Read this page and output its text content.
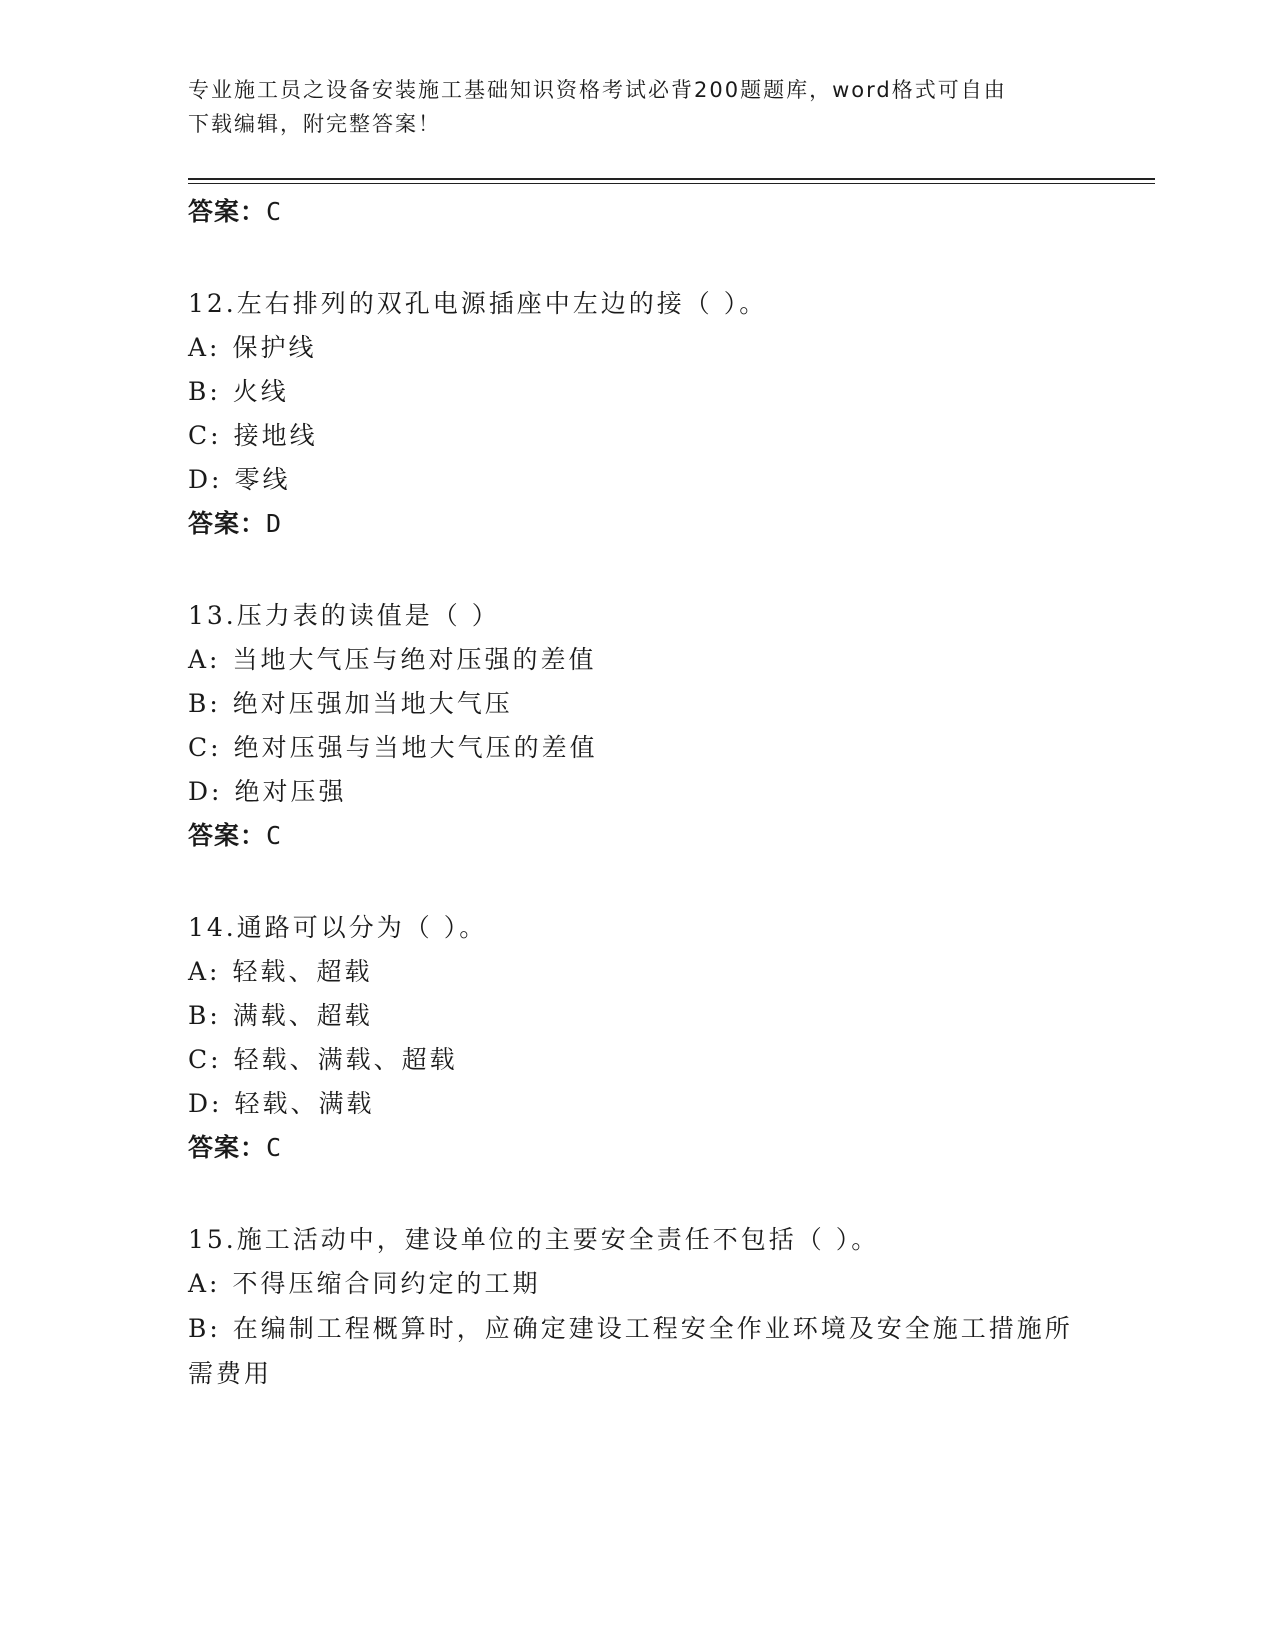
专业施工员之设备安装施工基础知识资格考试必背200题题库，word格式可自由
下载编辑，附完整答案！

答案：C

12.左右排列的双孔电源插座中左边的接（ ）。

A: 保护线

B: 火线

C: 接地线

D: 零线

答案：D

13.压力表的读值是（ ）

A: 当地大气压与绝对压强的差值

B: 绝对压强加当地大气压

C: 绝对压强与当地大气压的差值

D: 绝对压强

答案：C

14.通路可以分为（ ）。

A: 轻载、超载

B: 满载、超载

C: 轻载、满载、超载

D: 轻载、满载

答案：C

15.施工活动中，建设单位的主要安全责任不包括（ ）。

A: 不得压缩合同约定的工期

B: 在编制工程概算时，应确定建设工程安全作业环境及安全施工措施所需费用
